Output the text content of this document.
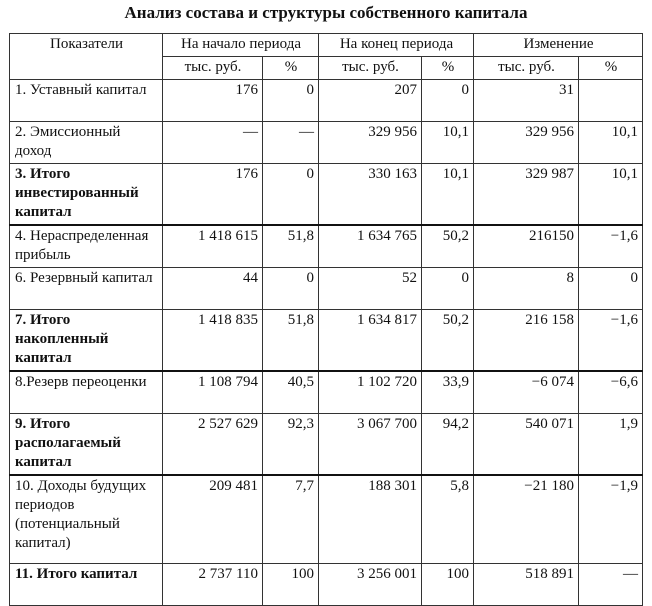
Анализ состава и структуры собственного капитала
Показатели	На начало периода		На конец периода		Изменение	
	тыс. руб.	%	тыс. руб.	%	тыс. руб.	%
1. Уставный капитал	176	0	207	0	31	
2. Эмиссионный доход	—	—	329 956	10,1	329 956	10,1
3. Итого инвестированный капитал	176	0	330 163	10,1	329 987	10,1
4. Нераспределенная прибыль	1 418 615	51,8	1 634 765	50,2	216150	−1,6
6. Резервный капитал	44	0	52	0	8	0
7. Итого накопленный капитал	1 418 835	51,8	1 634 817	50,2	216 158	−1,6
8.Резерв переоценки	1 108 794	40,5	1 102 720	33,9	−6 074	−6,6
9. Итого располагаемый капитал	2 527 629	92,3	3 067 700	94,2	540 071	1,9
10. Доходы будущих периодов (потенциальный капитал)	209 481	7,7	188 301	5,8	−21 180	−1,9
11. Итого капитал	2 737 110	100	3 256 001	100	518 891	—
